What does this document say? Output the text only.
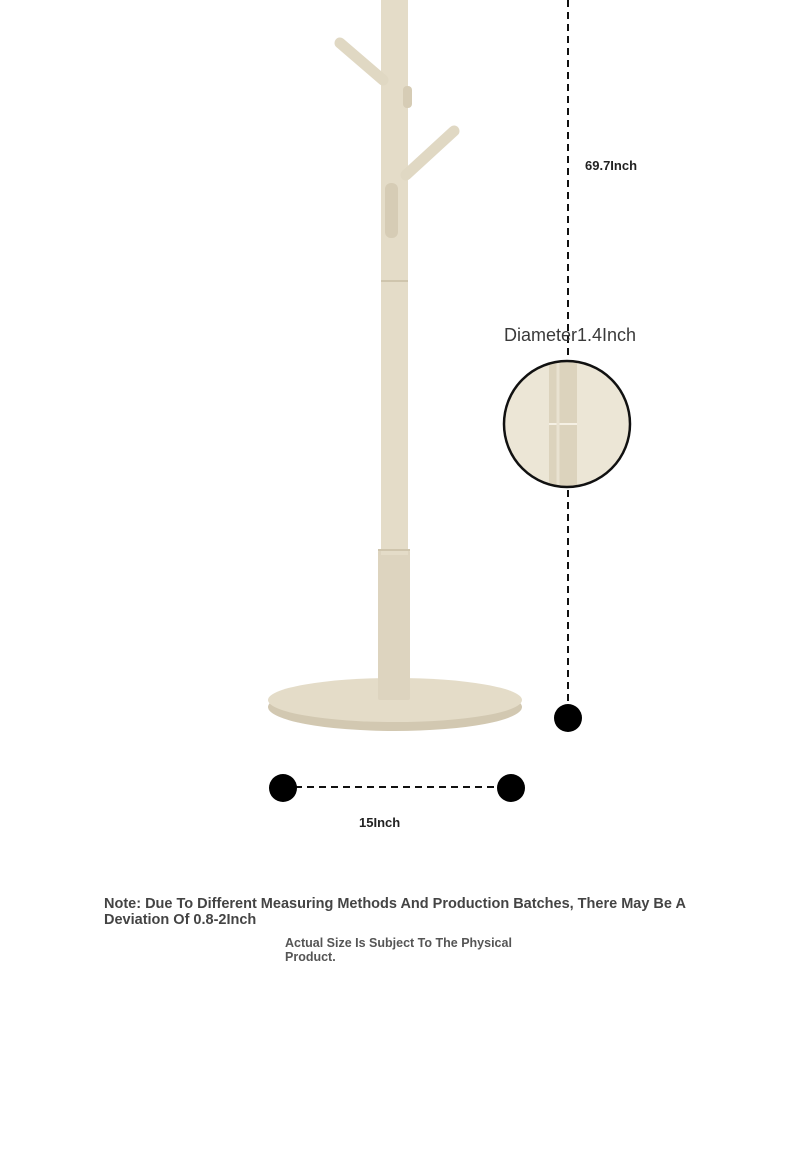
69.7Inch
Diameter1.4Inch
15Inch
Note: Due To Different Measuring Methods And Production Batches, There May Be A Deviation Of 0.8-2Inch
Actual Size Is Subject To The Physical Product.
